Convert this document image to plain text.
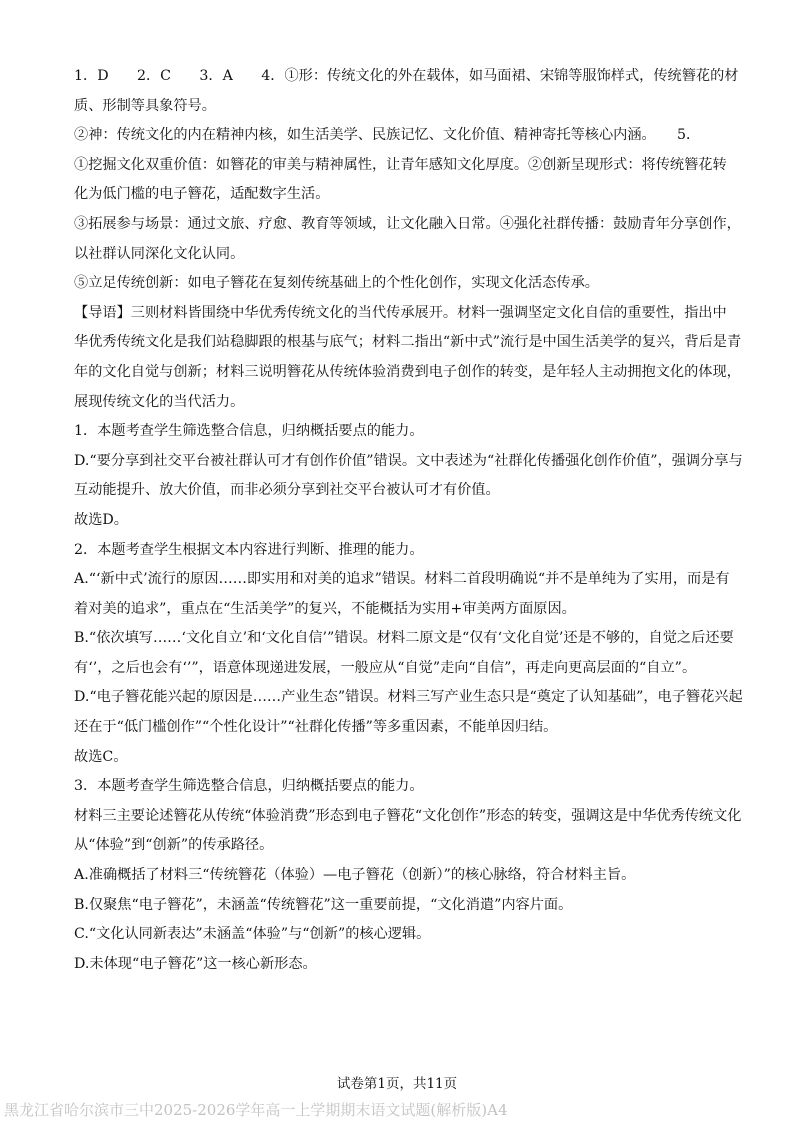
1．D　　2．C　　3．A　　4．①形：传统文化的外在载体，如马面裙、宋锦等服饰样式，传统簪花的材
质、形制等具象符号。
②神：传统文化的内在精神内核，如生活美学、民族记忆、文化价值、精神寄托等核心内涵。　　5．
①挖掘文化双重价值：如簪花的审美与精神属性，让青年感知文化厚度。②创新呈现形式：将传统簪花转
化为低门槛的电子簪花，适配数字生活。
③拓展参与场景：通过文旅、疗愈、教育等领域，让文化融入日常。④强化社群传播：鼓励青年分享创作，
以社群认同深化文化认同。
⑤立足传统创新：如电子簪花在复刻传统基础上的个性化创作，实现文化活态传承。
【导语】三则材料皆围绕中华优秀传统文化的当代传承展开。材料一强调坚定文化自信的重要性，指出中
华优秀传统文化是我们站稳脚跟的根基与底气；材料二指出“新中式”流行是中国生活美学的复兴，背后是青
年的文化自觉与创新；材料三说明簪花从传统体验消费到电子创作的转变，是年轻人主动拥抱文化的体现，
展现传统文化的当代活力。
1．本题考查学生筛选整合信息，归纳概括要点的能力。
D.“要分享到社交平台被社群认可才有创作价值”错误。文中表述为“社群化传播强化创作价值”，强调分享与
互动能提升、放大价值，而非必须分享到社交平台被认可才有价值。
故选D。
2．本题考查学生根据文本内容进行判断、推理的能力。
A.“‘新中式’流行的原因……即实用和对美的追求”错误。材料二首段明确说“并不是单纯为了实用，而是有
着对美的追求”，重点在“生活美学”的复兴，不能概括为实用+审美两方面原因。
B.“依次填写……‘文化自立’和‘文化自信’”错误。材料二原文是“仅有‘文化自觉’还是不够的，自觉之后还要
有‘’，之后也会有‘’”，语意体现递进发展，一般应从“自觉”走向“自信”，再走向更高层面的“自立”。
D.“电子簪花能兴起的原因是……产业生态”错误。材料三写产业生态只是“奠定了认知基础”，电子簪花兴起
还在于“低门槛创作”“个性化设计”“社群化传播”等多重因素，不能单因归结。
故选C。
3．本题考查学生筛选整合信息，归纳概括要点的能力。
材料三主要论述簪花从传统“体验消费”形态到电子簪花“文化创作”形态的转变，强调这是中华优秀传统文化
从“体验”到“创新”的传承路径。
A.准确概括了材料三“传统簪花（体验）—电子簪花（创新）”的核心脉络，符合材料主旨。
B.仅聚焦“电子簪花”，未涵盖“传统簪花”这一重要前提，“文化消遣”内容片面。
C.“文化认同新表达”未涵盖“体验”与“创新”的核心逻辑。
D.未体现“电子簪花”这一核心新形态。
试卷第1页，共11页
黑龙江省哈尔滨市三中2025-2026学年高一上学期期末语文试题(解析版)A4
